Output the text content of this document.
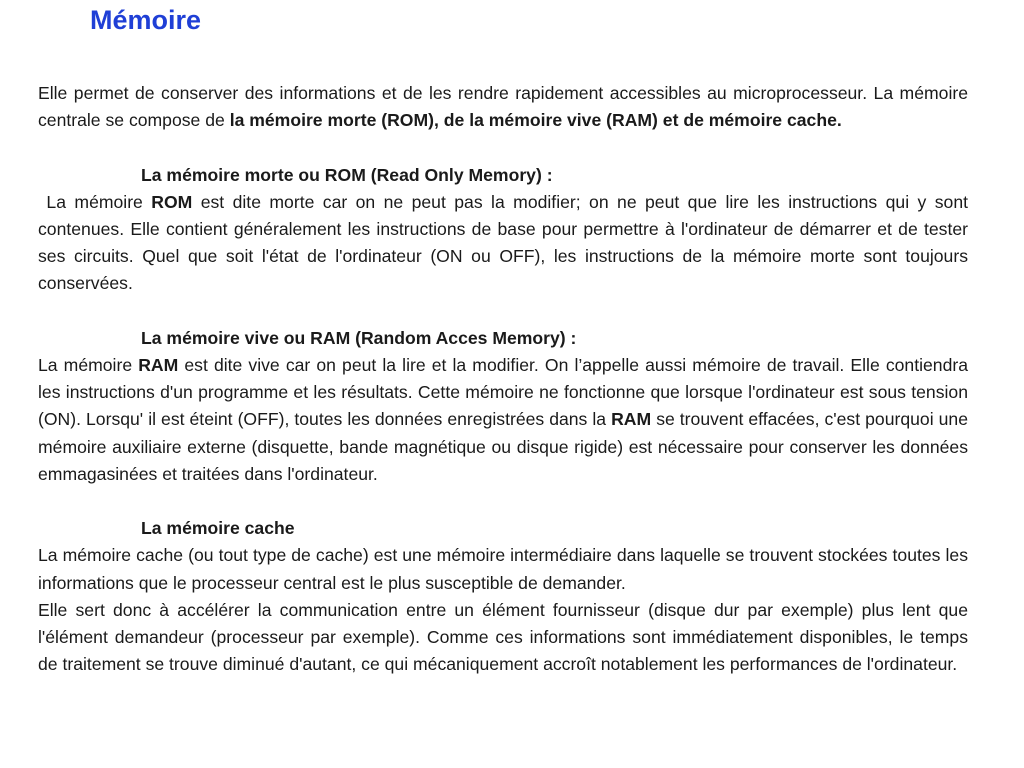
Mémoire

Elle permet de conserver des informations et de les rendre rapidement accessibles au microprocesseur. La mémoire centrale se compose de la mémoire morte (ROM), de la mémoire vive (RAM) et de mémoire cache.

La mémoire morte ou ROM (Read Only Memory) :

La mémoire ROM est dite morte car on ne peut pas la modifier; on ne peut que lire les instructions qui y sont contenues. Elle contient généralement les instructions de base pour permettre à l'ordinateur de démarrer et de tester ses circuits. Quel que soit l'état de l'ordinateur (ON ou OFF), les instructions de la mémoire morte sont toujours conservées.

La mémoire vive ou RAM (Random Acces Memory) :

La mémoire RAM est dite vive car on peut la lire et la modifier. On l’appelle aussi mémoire de travail. Elle contiendra les instructions d'un programme et les résultats. Cette mémoire ne fonctionne que lorsque l'ordinateur est sous tension (ON). Lorsqu' il est éteint (OFF), toutes les données enregistrées dans la RAM se trouvent effacées, c'est pourquoi une mémoire auxiliaire externe (disquette, bande magnétique ou disque rigide) est nécessaire pour conserver les données emmagasinées et traitées dans l'ordinateur.

La mémoire cache

La mémoire cache (ou tout type de cache) est une mémoire intermédiaire dans laquelle se trouvent stockées toutes les informations que le processeur central est le plus susceptible de demander.

Elle sert donc à accélérer la communication entre un élément fournisseur (disque dur par exemple) plus lent que l'élément demandeur (processeur par exemple). Comme ces informations sont immédiatement disponibles, le temps de traitement se trouve diminué d'autant, ce qui mécaniquement accroît notablement les performances de l'ordinateur.
